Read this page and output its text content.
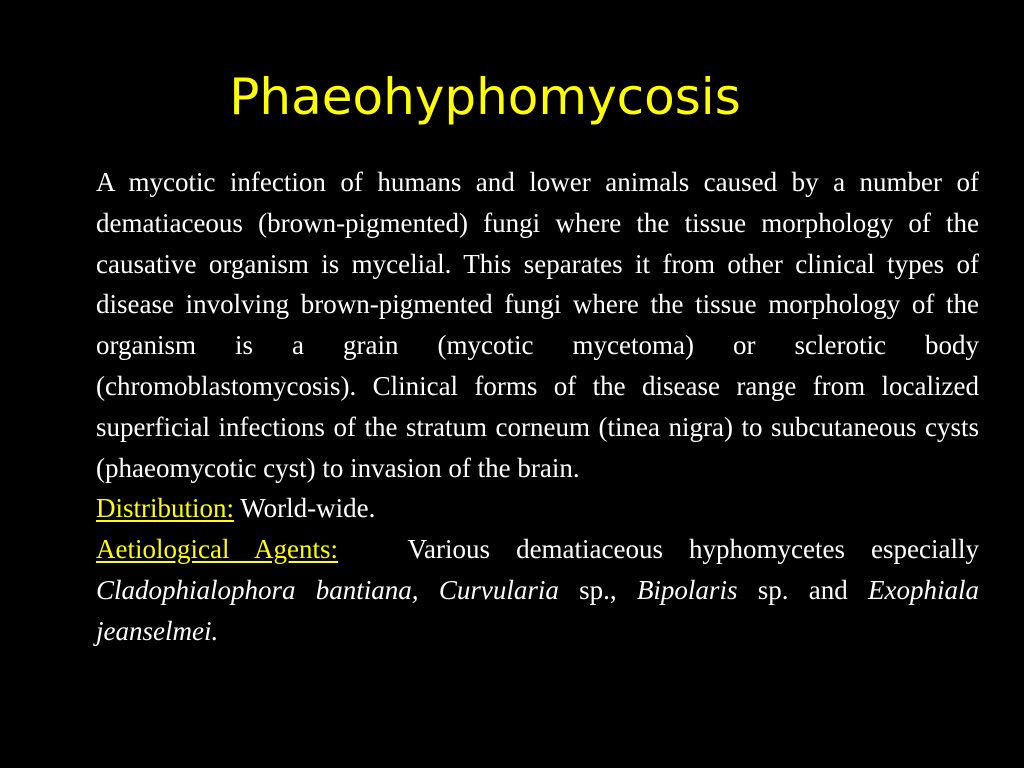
Phaeohyphomycosis

A mycotic infection of humans and lower animals caused by a number of dematiaceous (brown-pigmented) fungi where the tissue morphology of the causative organism is mycelial. This separates it from other clinical types of disease involving brown-pigmented fungi where the tissue morphology of the organism is a grain (mycotic mycetoma) or sclerotic body (chromoblastomycosis). Clinical forms of the disease range from localized superficial infections of the stratum corneum (tinea nigra) to subcutaneous cysts (phaeomycotic cyst) to invasion of the brain.

Distribution: World-wide.

Aetiological Agents:	Various dematiaceous hyphomycetes especially Cladophialophora bantiana, Curvularia sp., Bipolaris sp. and Exophiala jeanselmei.
